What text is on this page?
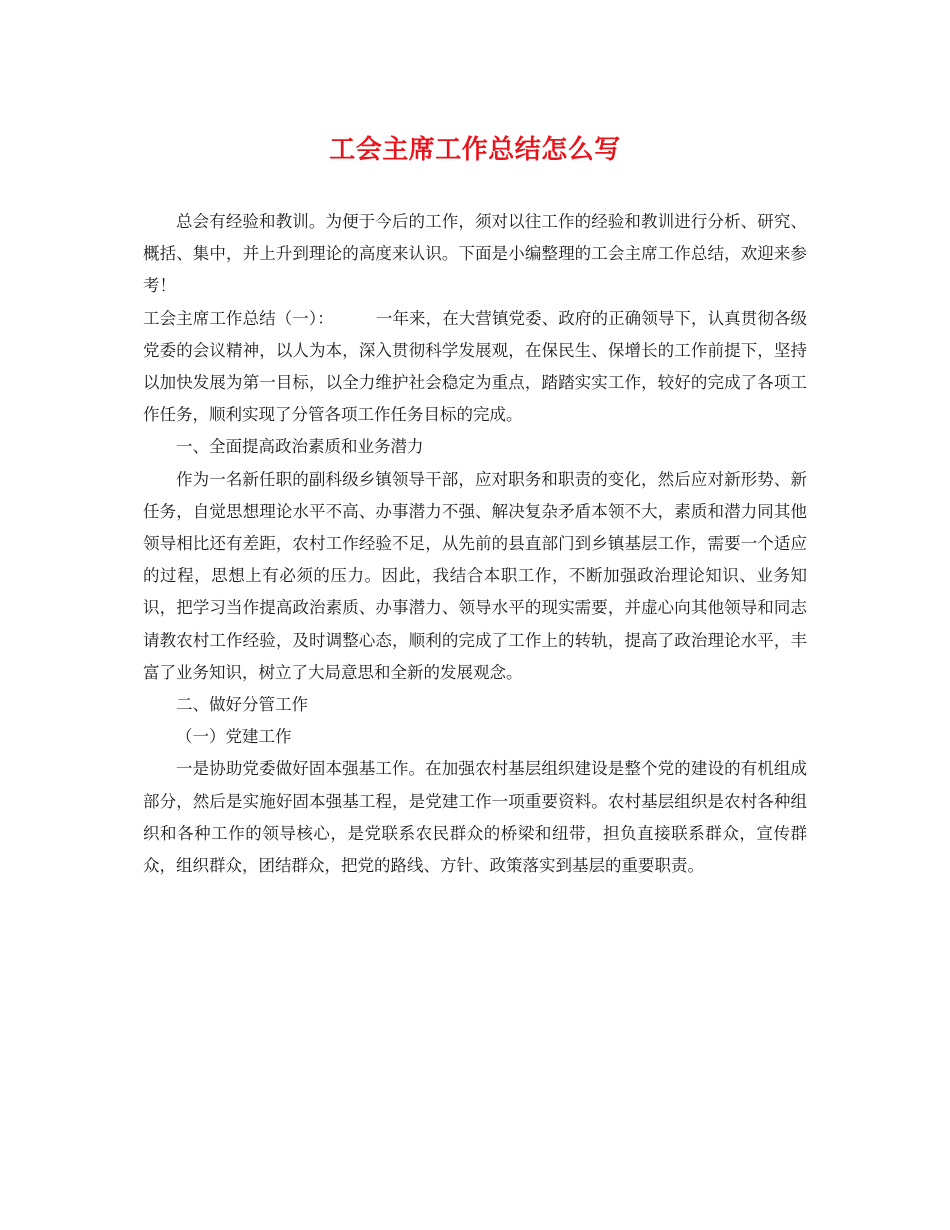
工会主席工作总结怎么写

总会有经验和教训。为便于今后的工作，须对以往工作的经验和教训进行分析、研究、概括、集中，并上升到理论的高度来认识。下面是小编整理的工会主席工作总结，欢迎来参考！

工会主席工作总结（一）：	一年来，在大营镇党委、政府的正确领导下，认真贯彻各级党委的会议精神，以人为本，深入贯彻科学发展观，在保民生、保增长的工作前提下，坚持以加快发展为第一目标，以全力维护社会稳定为重点，踏踏实实工作，较好的完成了各项工作任务，顺利实现了分管各项工作任务目标的完成。

一、全面提高政治素质和业务潜力

作为一名新任职的副科级乡镇领导干部，应对职务和职责的变化，然后应对新形势、新任务，自觉思想理论水平不高、办事潜力不强、解决复杂矛盾本领不大，素质和潜力同其他领导相比还有差距，农村工作经验不足，从先前的县直部门到乡镇基层工作，需要一个适应的过程，思想上有必须的压力。因此，我结合本职工作，不断加强政治理论知识、业务知识，把学习当作提高政治素质、办事潜力、领导水平的现实需要，并虚心向其他领导和同志请教农村工作经验，及时调整心态，顺利的完成了工作上的转轨，提高了政治理论水平，丰富了业务知识，树立了大局意思和全新的发展观念。

二、做好分管工作

（一）党建工作

一是协助党委做好固本强基工作。在加强农村基层组织建设是整个党的建设的有机组成部分，然后是实施好固本强基工程，是党建工作一项重要资料。农村基层组织是农村各种组织和各种工作的领导核心，是党联系农民群众的桥梁和纽带，担负直接联系群众，宣传群众，组织群众，团结群众，把党的路线、方针、政策落实到基层的重要职责。
